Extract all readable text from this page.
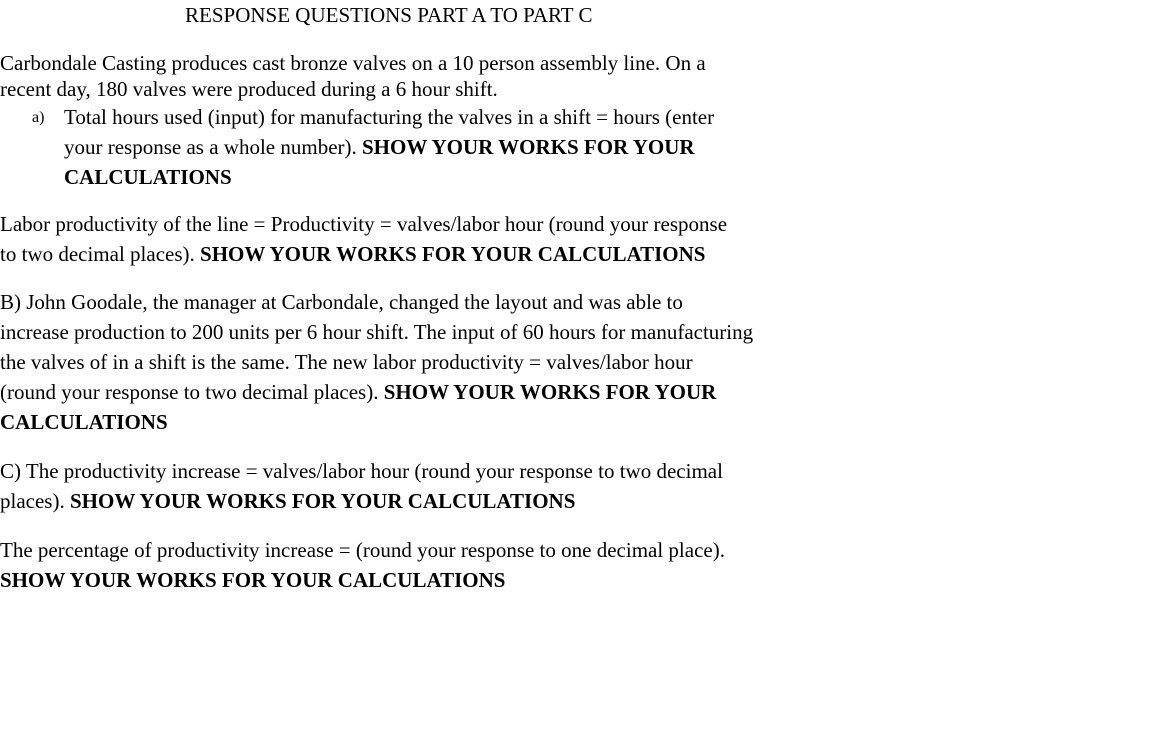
RESPONSE QUESTIONS PART A TO PART C

Carbondale Casting produces cast bronze valves on a 10 person assembly line. On a
recent day, 180 valves were produced during a 6 hour shift.

a) Total hours used (input) for manufacturing the valves in a shift = hours (enter
your response as a whole number). SHOW YOUR WORKS FOR YOUR
CALCULATIONS

Labor productivity of the line = Productivity = valves/labor hour (round your response
to two decimal places). SHOW YOUR WORKS FOR YOUR CALCULATIONS

B) John Goodale, the manager at Carbondale, changed the layout and was able to
increase production to 200 units per 6 hour shift. The input of 60 hours for manufacturing
the valves of in a shift is the same. The new labor productivity = valves/labor hour
(round your response to two decimal places). SHOW YOUR WORKS FOR YOUR
CALCULATIONS

C) The productivity increase = valves/labor hour (round your response to two decimal
places). SHOW YOUR WORKS FOR YOUR CALCULATIONS

The percentage of productivity increase = (round your response to one decimal place).
SHOW YOUR WORKS FOR YOUR CALCULATIONS
